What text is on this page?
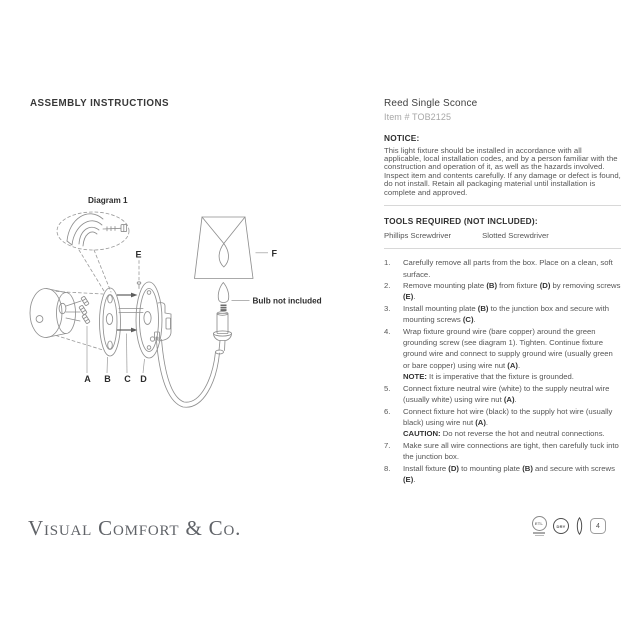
ASSEMBLY INSTRUCTIONS
Diagram 1
A B C D
E	F
Bulb not included
Reed Single Sconce
Item # TOB2125
NOTICE:

This light fixture should be installed in accordance with all applicable, local installation codes, and by a person familiar with the construction and operation of it, as well as the hazards involved. Inspect item and contents carefully. If any damage or defect is found, do not install. Retain all packaging material until installation is complete and approved.

TOOLS REQUIRED (NOT INCLUDED):
Phillips Screwdriver	Slotted Screwdriver
1.	Carefully remove all parts from the box. Place on a clean, soft surface.
2.	Remove mounting plate (B) from fixture (D) by removing screws (E).
3.	Install mounting plate (B) to the junction box and secure with mounting screws (C).
4.	Wrap fixture ground wire (bare copper) around the green grounding screw (see diagram 1). Tighten. Continue fixture ground wire and connect to supply ground wire (usually green or bare copper) using wire nut (A).
NOTE: It is imperative that the fixture is grounded.
5.	Connect fixture neutral wire (white) to the supply neutral wire (usually white) using wire nut (A).
6.	Connect fixture hot wire (black) to the supply hot wire (usually black) using wire nut (A).
CAUTION: Do not reverse the hot and neutral connections.
7.	Make sure all wire connections are tight, then carefully tuck into the junction box.
8.	Install fixture (D) to mounting plate (B) and secure with screws (E).
Visual Comfort & Co.	ETL	DRY	4
